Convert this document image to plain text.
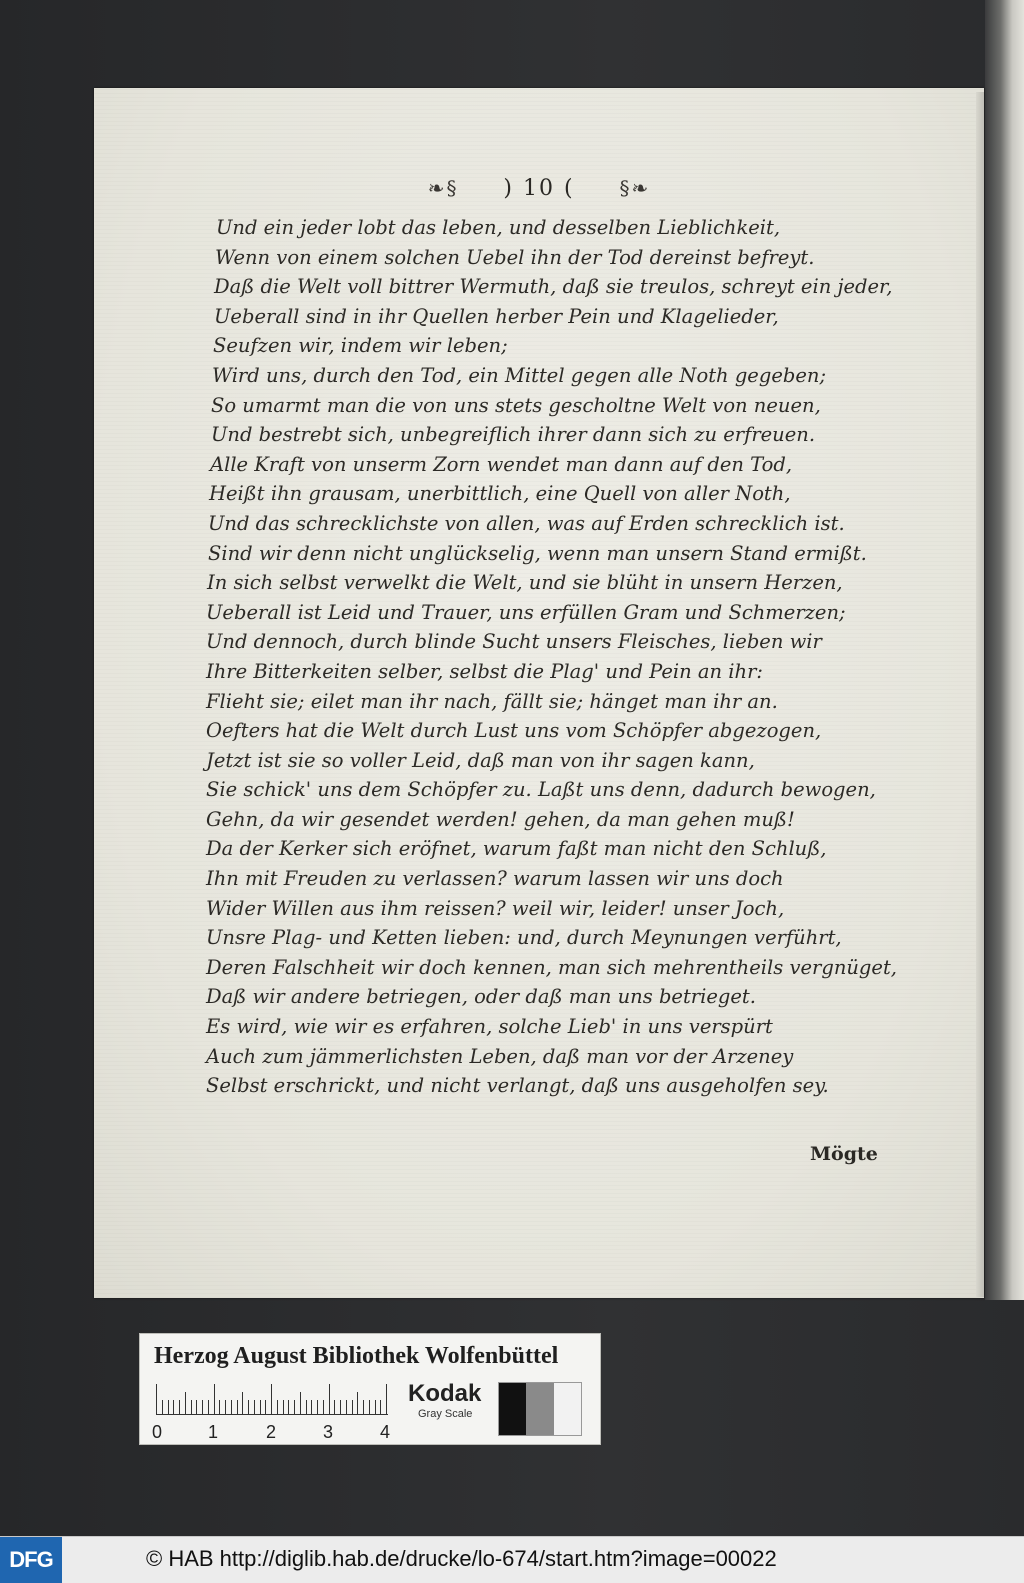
❧§ ) 10 ( §❧
Und ein jeder lobt das leben, und desselben Lieblichkeit,
Wenn von einem solchen Uebel ihn der Tod dereinst befreyt.
Daß die Welt voll bittrer Wermuth, daß sie treulos, schreyt ein jeder,
Ueberall sind in ihr Quellen herber Pein und Klagelieder,
Seufzen wir, indem wir leben;
Wird uns, durch den Tod, ein Mittel gegen alle Noth gegeben;
So umarmt man die von uns stets gescholtne Welt von neuen,
Und bestrebt sich, unbegreiflich ihrer dann sich zu erfreuen.
Alle Kraft von unserm Zorn wendet man dann auf den Tod,
Heißt ihn grausam, unerbittlich, eine Quell von aller Noth,
Und das schrecklichste von allen, was auf Erden schrecklich ist.
Sind wir denn nicht unglückselig, wenn man unsern Stand ermißt.
In sich selbst verwelkt die Welt, und sie blüht in unsern Herzen,
Ueberall ist Leid und Trauer, uns erfüllen Gram und Schmerzen;
Und dennoch, durch blinde Sucht unsers Fleisches, lieben wir
Ihre Bitterkeiten selber, selbst die Plag' und Pein an ihr:
Flieht sie; eilet man ihr nach, fällt sie; hänget man ihr an.
Oefters hat die Welt durch Lust uns vom Schöpfer abgezogen,
Jetzt ist sie so voller Leid, daß man von ihr sagen kann,
Sie schick' uns dem Schöpfer zu. Laßt uns denn, dadurch bewogen,
Gehn, da wir gesendet werden! gehen, da man gehen muß!
Da der Kerker sich eröfnet, warum faßt man nicht den Schluß,
Ihn mit Freuden zu verlassen? warum lassen wir uns doch
Wider Willen aus ihm reissen? weil wir, leider! unser Joch,
Unsre Plag- und Ketten lieben: und, durch Meynungen verführt,
Deren Falschheit wir doch kennen, man sich mehrentheils vergnüget,
Daß wir andere betriegen, oder daß man uns betrieget.
Es wird, wie wir es erfahren, solche Lieb' in uns verspürt
Auch zum jämmerlichsten Leben, daß man vor der Arzeney
Selbst erschrickt, und nicht verlangt, daß uns ausgeholfen sey.
Mögte
Herzog August Bibliothek Wolfenbüttel
0	1	2	3	4
Kodak
Gray Scale
DFG	© HAB http://diglib.hab.de/drucke/lo-674/start.htm?image=00022
